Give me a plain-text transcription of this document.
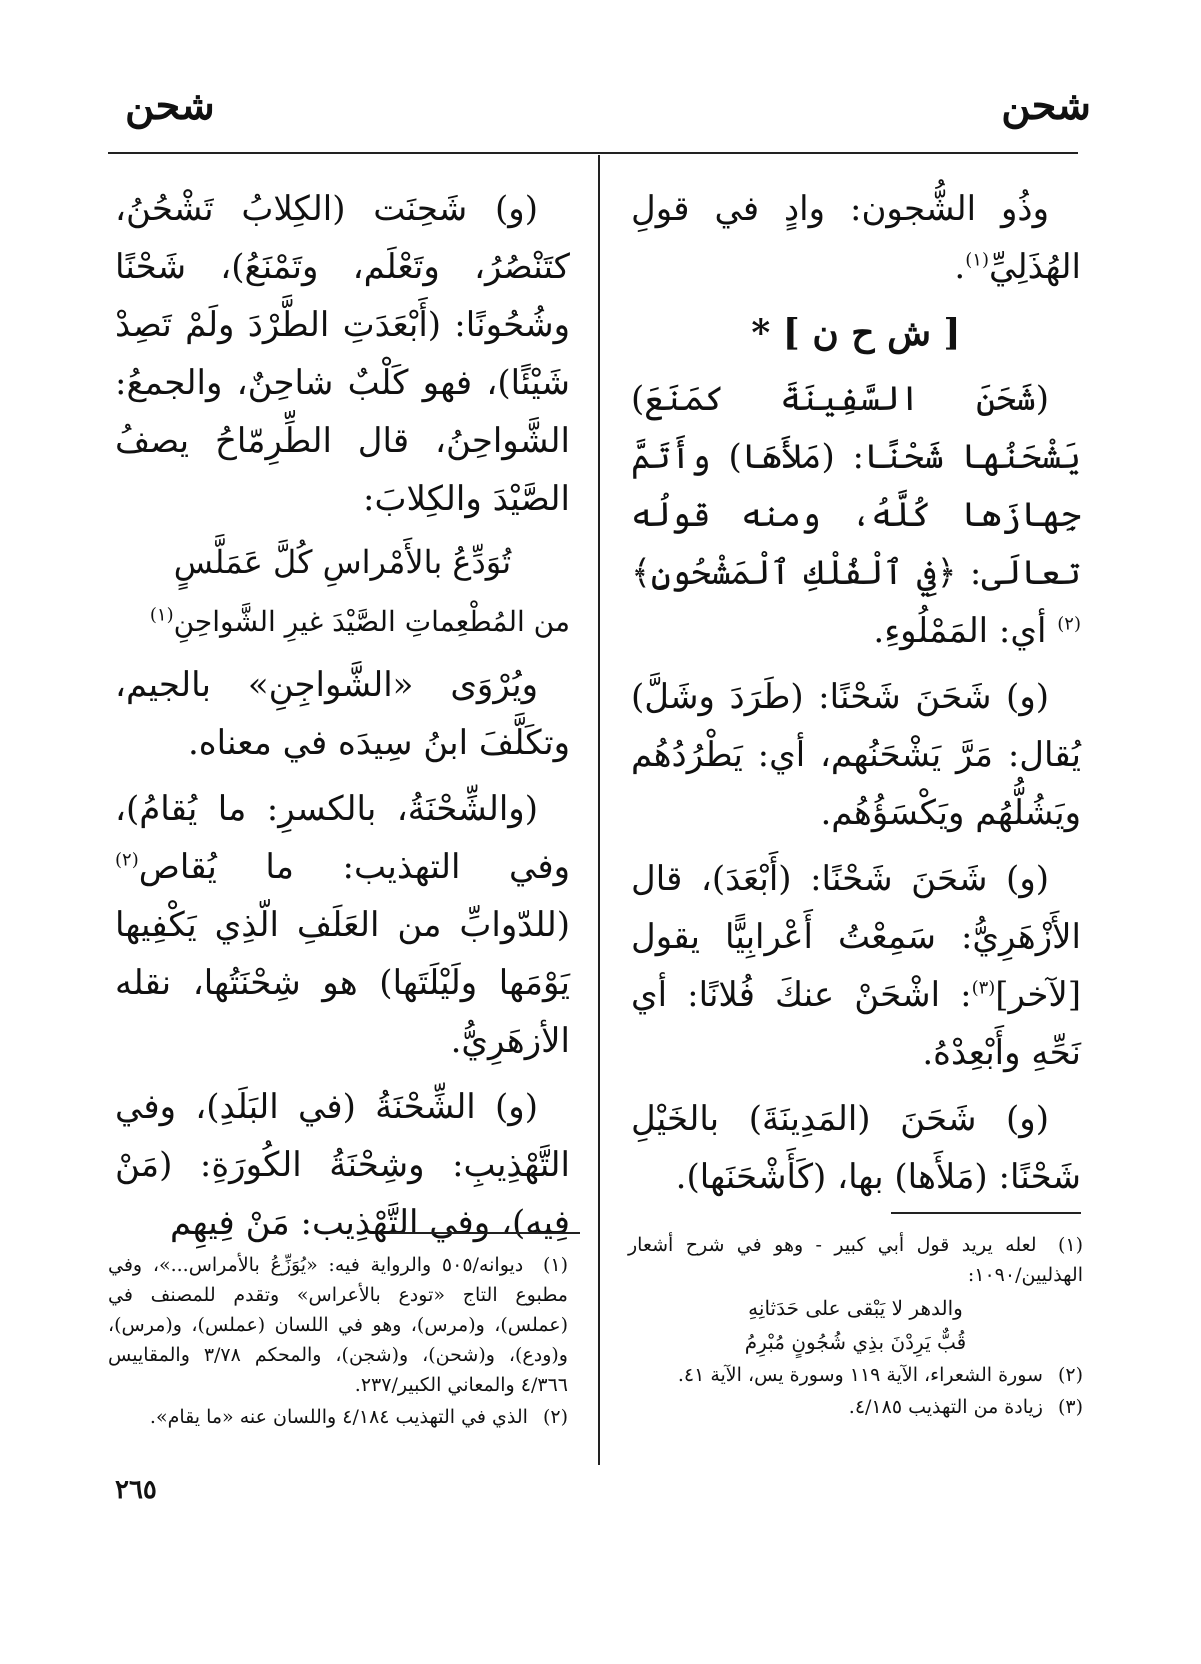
شحن
شحن

وذُو الشُّجون: وادٍ في قولِ الهُذَلِيِّ$^{(١)}$.

[ ش ح ن ] *

(شَحَنَ السَّفِينَةَ كمَنَعَ) يَشْحَنُها شَحْنًا: (مَلأَهَا) وأَتَمَّ جِهازَها كُلَّهُ، ومنه قولُه تعالَى: ﴿فِي ٱلْفُلْكِ ٱلْمَشْحُونِ﴾$^{(٢)}$ أي: المَمْلُوءِ.

(و) شَحَنَ شَحْنًا: (طَرَدَ وشَلَّ) يُقال: مَرَّ يَشْحَنُهم، أي: يَطْرُدُهُم ويَشُلُّهُم ويَكْسَؤُهُم.

(و) شَحَنَ شَحْنًا: (أَبْعَدَ)، قال الأَزْهَرِيُّ: سَمِعْتُ أَعْرابِيًّا يقول [لآخر]$^{(٣)}$: اشْحَنْ عنكَ فُلانًا: أي نَحِّهِ وأَبْعِدْهُ.

(و) شَحَنَ (المَدِينَةَ) بالخَيْلِ شَحْنًا: (مَلأَها) بها، (كَأَشْحَنَها).

(و) شَحِنَت (الكِلابُ تَشْحُنُ، كتَنْصُرُ، وتَعْلَم، وتَمْنَعُ)، شَحْنًا وشُحُونًا: (أَبْعَدَتِ الطَّرْدَ ولَمْ تَصِدْ شَيْئًا)، فهو كَلْبٌ شاحِنٌ، والجمعُ: الشَّواحِنُ، قال الطِّرِمّاحُ يصفُ الصَّيْدَ والكِلابَ:

تُوَدِّعُ بالأَمْراسِ كُلَّ عَمَلَّسٍ

من المُطْعِماتِ الصَّيْدَ غيرِ الشَّواحِنِ$^{(١)}$

ويُرْوَى «الشَّواجِنِ» بالجيم، وتكَلَّفَ ابنُ سِيدَه في معناه.

(والشِّحْنَةُ، بالكسرِ: ما يُقامُ)، وفي التهذيب: ما يُقاص$^{(٢)}$ (للدّوابِّ من العَلَفِ الّذِي يَكْفِيها يَوْمَها ولَيْلَتَها) هو شِحْنَتُها، نقله الأزهَرِيُّ.

(و) الشِّحْنَةُ (في البَلَدِ)، وفي التَّهْذِيبِ: وشِحْنَةُ الكُورَةِ: (مَنْ فِيه)، وفي التَّهْذِيب: مَنْ فِيهِم

(١) لعله يريد قول أبي كبير - وهو في شرح أشعار الهذليين/١٠٩٠:

والدهر لا يَبْقى على حَدَثانِهِ

قُبٌّ يَرِدْنَ بذِي شُجُونٍ مُبْرِمُ

(٢) سورة الشعراء، الآية ١١٩ وسورة يس، الآية ٤١.

(٣) زيادة من التهذيب ٤/١٨٥.

(١) ديوانه/٥٠٥ والرواية فيه: «يُوَزِّعُ بالأمراس...»، وفي مطبوع التاج «تودع بالأعراس» وتقدم للمصنف في (عملس)، و(مرس)، وهو في اللسان (عملس)، و(مرس)، و(ودع)، و(شحن)، و(شجن)، والمحكم ٣/٧٨ والمقاييس ٤/٣٦٦ والمعاني الكبير/٢٣٧.

(٢) الذي في التهذيب ٤/١٨٤ واللسان عنه «ما يقام».

٢٦٥
